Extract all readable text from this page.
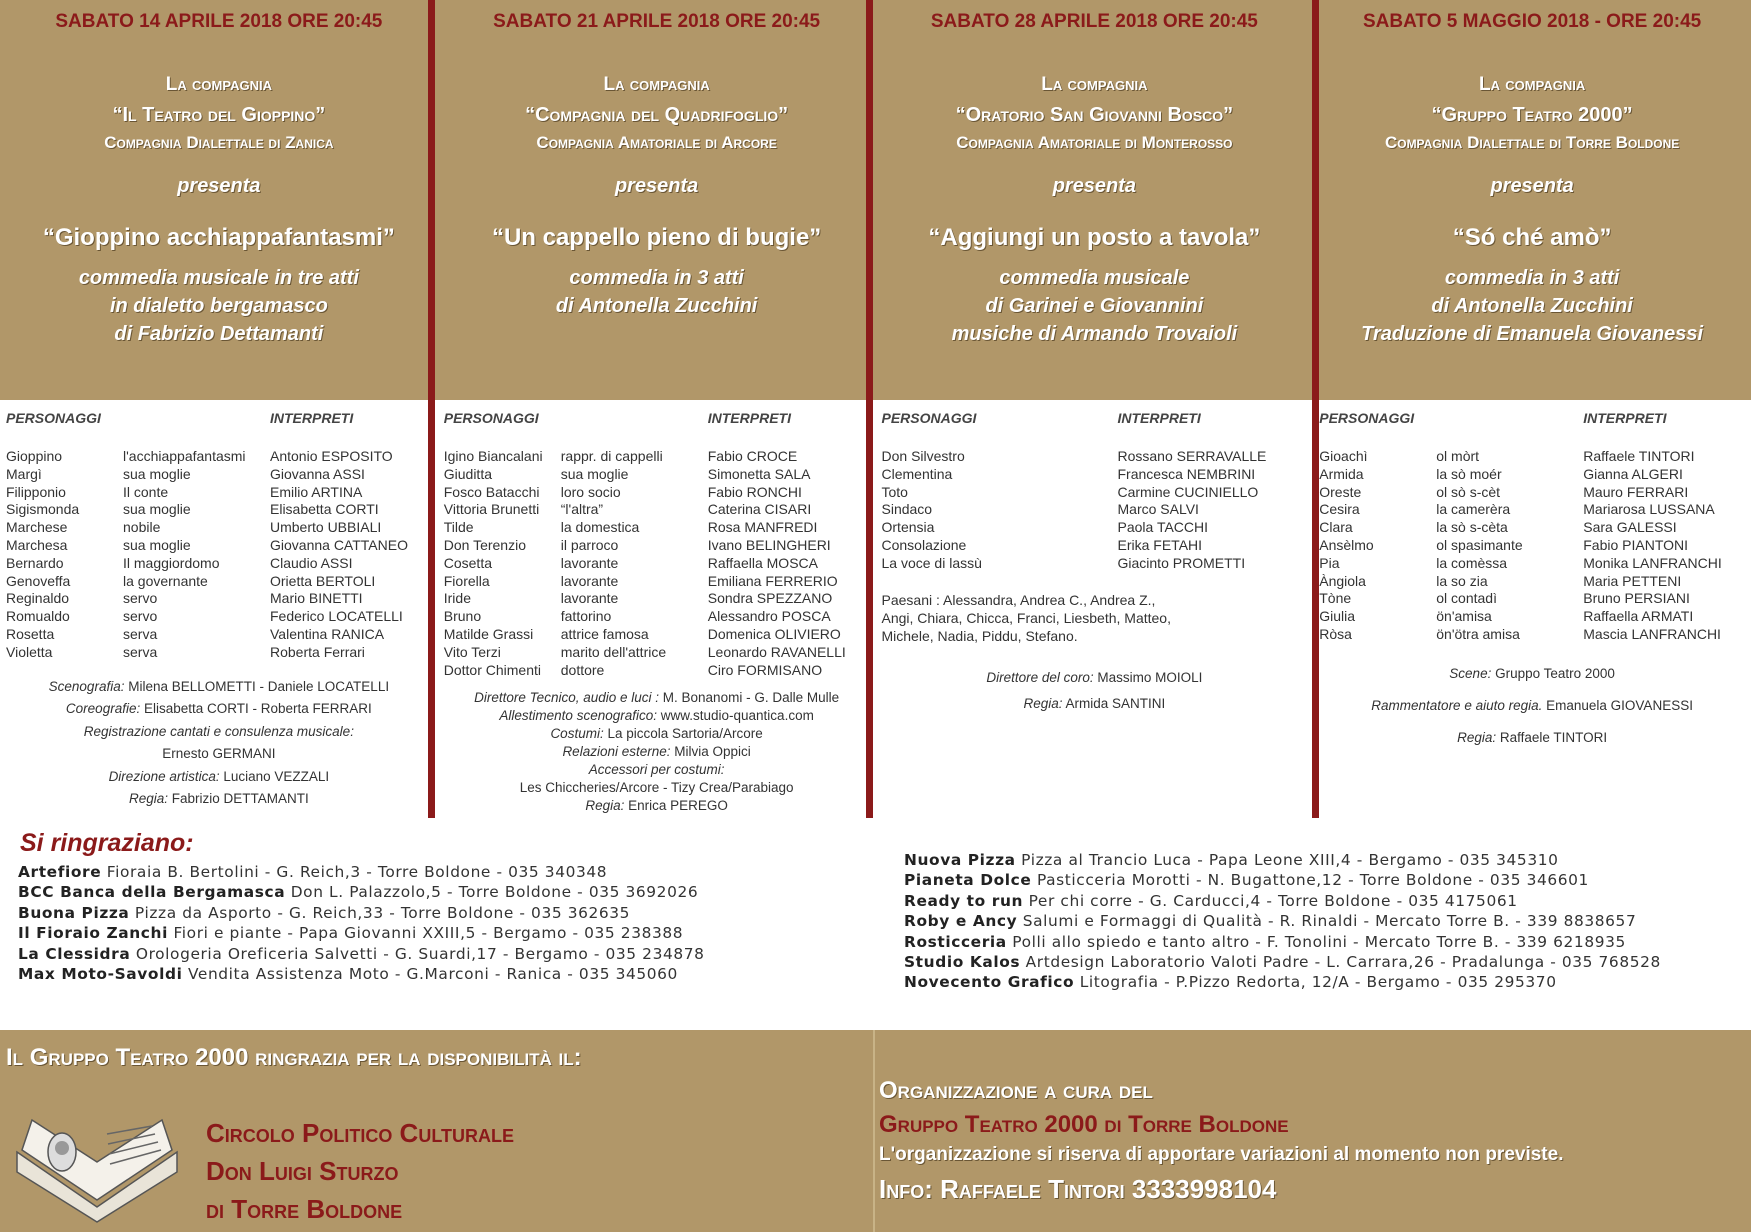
SABATO 14 APRILE 2018 ORE 20:45
La compagnia
“Il Teatro del Gioppino”
Compagnia Dialettale di Zanica
presenta
“Gioppino acchiappafantasmi”
commedia musicale in tre atti
in dialetto bergamasco
di Fabrizio Dettamanti
PERSONAGGI	INTERPRETI
Gioppino	l'acchiappafantasmi	Antonio ESPOSITO
Margì	sua moglie	Giovanna ASSI
Filipponio	Il conte	Emilio ARTINA
Sigismonda	sua moglie	Elisabetta CORTI
Marchese	nobile	Umberto UBBIALI
Marchesa	sua moglie	Giovanna CATTANEO
Bernardo	Il maggiordomo	Claudio ASSI
Genoveffa	la governante	Orietta BERTOLI
Reginaldo	servo	Mario BINETTI
Romualdo	servo	Federico LOCATELLI
Rosetta	serva	Valentina RANICA
Violetta	serva	Roberta Ferrari
Scenografia: Milena BELLOMETTI - Daniele LOCATELLI
Coreografie: Elisabetta CORTI - Roberta FERRARI
Registrazione cantati e consulenza musicale:
Ernesto GERMANI
Direzione artistica: Luciano VEZZALI
Regia: Fabrizio DETTAMANTI
SABATO 21 APRILE 2018 ORE 20:45
La compagnia
“Compagnia del Quadrifoglio”
Compagnia Amatoriale di Arcore
presenta
“Un cappello pieno di bugie”
commedia in 3 atti
di Antonella Zucchini
PERSONAGGI	INTERPRETI
Igino Biancalani	rappr. di cappelli	Fabio CROCE
Giuditta	sua moglie	Simonetta SALA
Fosco Batacchi	loro socio	Fabio RONCHI
Vittoria Brunetti	“l'altra”	Caterina CISARI
Tilde	la domestica	Rosa MANFREDI
Don Terenzio	il parroco	Ivano BELINGHERI
Cosetta	lavorante	Raffaella MOSCA
Fiorella	lavorante	Emiliana FERRERIO
Iride	lavorante	Sondra SPEZZANO
Bruno	fattorino	Alessandro POSCA
Matilde Grassi	attrice famosa	Domenica OLIVIERO
Vito Terzi	marito dell'attrice	Leonardo RAVANELLI
Dottor Chimenti	dottore	Ciro FORMISANO
Direttore Tecnico, audio e luci : M. Bonanomi - G. Dalle Mulle
Allestimento scenografico: www.studio-quantica.com
Costumi: La piccola Sartoria/Arcore
Relazioni esterne: Milvia Oppici
Accessori per costumi:
Les Chiccheries/Arcore - Tizy Crea/Parabiago
Regia: Enrica PEREGO
SABATO 28 APRILE 2018 ORE 20:45
La compagnia
“Oratorio San Giovanni Bosco”
Compagnia Amatoriale di Monterosso
presenta
“Aggiungi un posto a tavola”
commedia musicale
di Garinei e Giovannini
musiche di Armando Trovaioli
PERSONAGGI	INTERPRETI
Don Silvestro	Rossano SERRAVALLE
Clementina	Francesca NEMBRINI
Toto	Carmine CUCINIELLO
Sindaco	Marco SALVI
Ortensia	Paola TACCHI
Consolazione	Erika FETAHI
La voce di lassù	Giacinto PROMETTI
Paesani : Alessandra, Andrea C., Andrea Z.,
Angi, Chiara, Chicca, Franci, Liesbeth, Matteo,
Michele, Nadia, Piddu, Stefano.
Direttore del coro: Massimo MOIOLI
Regia: Armida SANTINI
SABATO 5 MAGGIO 2018 - ORE 20:45
La compagnia
“Gruppo Teatro 2000”
Compagnia Dialettale di Torre Boldone
presenta
“Só ché amò”
commedia in 3 atti
di Antonella Zucchini
Traduzione di Emanuela Giovanessi
PERSONAGGI	INTERPRETI
Gioachì	ol mòrt	Raffaele TINTORI
Armida	la sò moér	Gianna ALGERI
Oreste	ol sò s-cèt	Mauro FERRARI
Cesira	la camerèra	Mariarosa LUSSANA
Clara	la sò s-cèta	Sara GALESSI
Ansèlmo	ol spasimante	Fabio PIANTONI
Pia	la comèssa	Monika LANFRANCHI
Àngiola	la so zia	Maria PETTENI
Tòne	ol contadì	Bruno PERSIANI
Giulia	ön'amisa	Raffaella ARMATI
Ròsa	ön'ötra amisa	Mascia LANFRANCHI
Scene: Gruppo Teatro 2000
Rammentatore e aiuto regia. Emanuela GIOVANESSI
Regia: Raffaele TINTORI
Si ringraziano:
Artefiore Fioraia B. Bertolini - G. Reich,3 - Torre Boldone - 035 340348
BCC Banca della Bergamasca Don L. Palazzolo,5 - Torre Boldone - 035 3692026
Buona Pizza Pizza da Asporto - G. Reich,33 - Torre Boldone - 035 362635
Il Fioraio Zanchi Fiori e piante - Papa Giovanni XXIII,5 - Bergamo - 035 238388
La Clessidra Orologeria Oreficeria Salvetti - G. Suardi,17 - Bergamo - 035 234878
Max Moto-Savoldi Vendita Assistenza Moto - G.Marconi - Ranica - 035 345060
Nuova Pizza Pizza al Trancio Luca - Papa Leone XIII,4 - Bergamo - 035 345310
Pianeta Dolce Pasticceria Morotti - N. Bugattone,12 - Torre Boldone - 035 346601
Ready to run Per chi corre - G. Carducci,4 - Torre Boldone - 035 4175061
Roby e Ancy Salumi e Formaggi di Qualità - R. Rinaldi - Mercato Torre B. - 339 8838657
Rosticceria Polli allo spiedo e tanto altro - F. Tonolini - Mercato Torre B. - 339 6218935
Studio Kalos Artdesign Laboratorio Valoti Padre - L. Carrara,26 - Pradalunga - 035 768528
Novecento Grafico Litografia - P.Pizzo Redorta, 12/A - Bergamo - 035 295370
Il Gruppo Teatro 2000 ringrazia per la disponibilità il:
Circolo Politico Culturale
Don Luigi Sturzo
di Torre Boldone
Organizzazione a cura del
Gruppo Teatro 2000 di Torre Boldone
L'organizzazione si riserva di apportare variazioni al momento non previste.
Info: Raffaele Tintori 3333998104
